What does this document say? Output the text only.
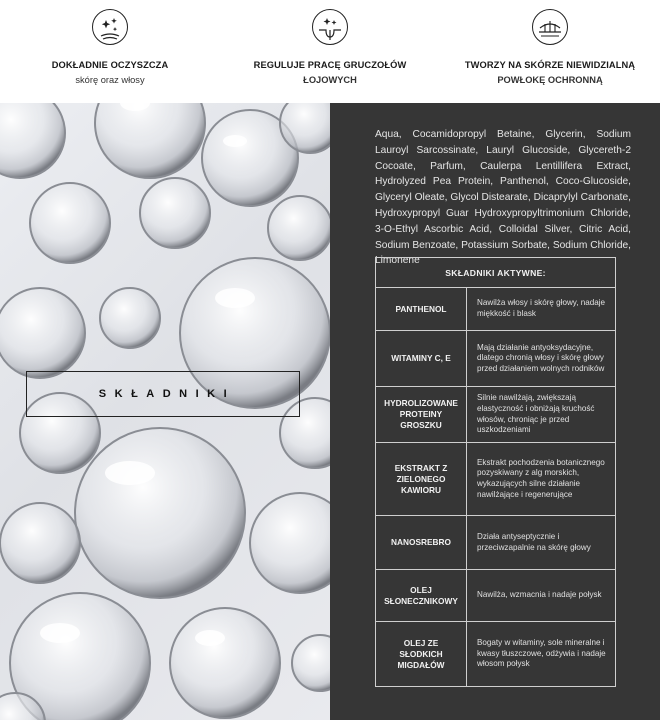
DOKŁADNIE OCZYSZCZA
skórę oraz włosy
REGULUJE PRACĘ GRUCZOŁÓW
ŁOJOWYCH
TWORZY NA SKÓRZE NIEWIDZIALNĄ
POWŁOKĘ OCHRONNĄ
SKŁADNIKI

Aqua, Cocamidopropyl Betaine, Glycerin, Sodium Lauroyl Sarcossinate, Lauryl Glucoside, Glycereth-2 Cocoate, Parfum, Caulerpa Lentillifera Extract, Hydrolyzed Pea Protein, Panthenol, Coco-Glucoside, Glyceryl Oleate, Glycol Distearate, Dicaprylyl Carbonate, Hydroxypropyl Guar Hydroxypropyltrimonium Chloride, 3-O-Ethyl Ascorbic Acid, Colloidal Silver, Citric Acid, Sodium Benzoate, Potassium Sorbate, Sodium Chloride, Limonene

SKŁADNIKI AKTYWNE:
PANTHENOL
Nawilża włosy i skórę głowy, nadaje miękkość i blask
WITAMINY C, E
Mają działanie antyoksydacyjne, dlatego chronią włosy i skórę głowy przed działaniem wolnych rodników
HYDROLIZOWANE PROTEINY GROSZKU
Silnie nawilżają, zwiększają elastyczność i obniżają kruchość włosów, chroniąc je przed uszkodzeniami
EKSTRAKT Z ZIELONEGO KAWIORU
Ekstrakt pochodzenia botanicznego pozyskiwany z alg morskich, wykazujących silne działanie nawilżające i regenerujące
NANOSREBRO
Działa antyseptycznie i przeciwzapalnie na skórę głowy
OLEJ SŁONECZNIKOWY
Nawilża, wzmacnia i nadaje połysk
OLEJ ZE SŁODKICH MIGDAŁÓW
Bogaty w witaminy, sole mineralne i kwasy tłuszczowe, odżywia i nadaje włosom połysk
